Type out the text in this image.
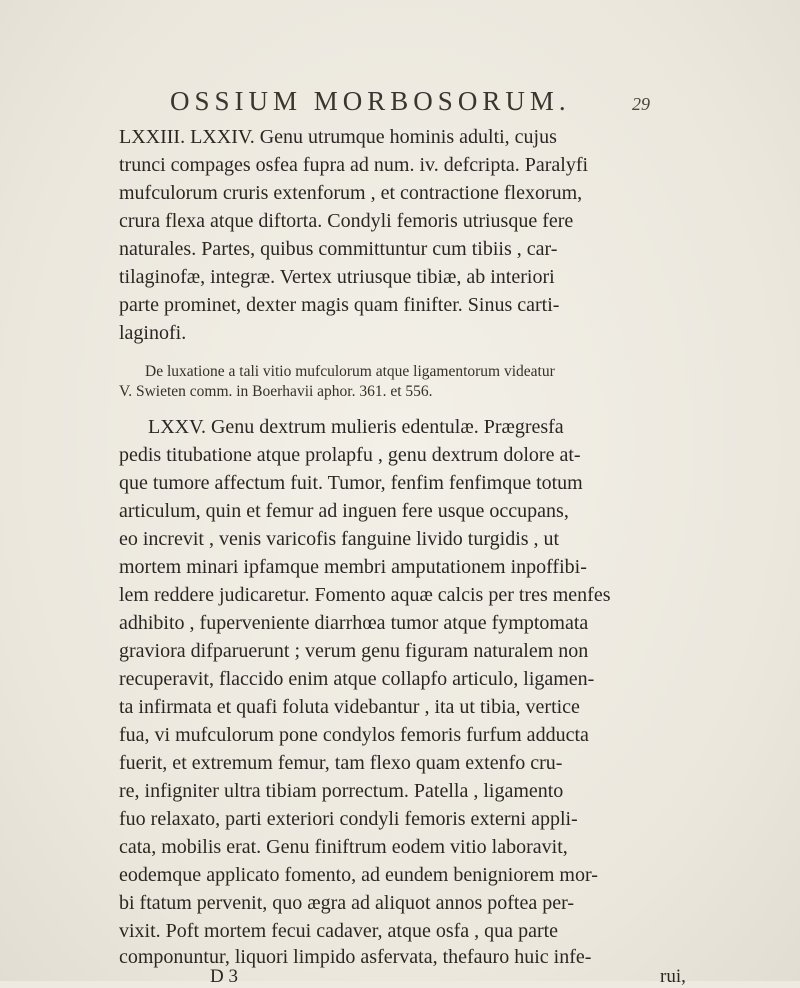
OSSIUM MORBOSORUM.	29
LXXIII. LXXIV. Genu utrumque hominis adulti, cujus
trunci compages osfea fupra ad num. iv. defcripta. Paralyfi
mufculorum cruris extenforum , et contractione flexorum,
crura flexa atque diftorta. Condyli femoris utriusque fere
naturales. Partes, quibus committuntur cum tibiis , car-
tilaginofæ, integræ. Vertex utriusque tibiæ, ab interiori
parte prominet, dexter magis quam finifter. Sinus carti-
laginofi.
De luxatione a tali vitio mufculorum atque ligamentorum videatur
V. Swieten comm. in Boerhavii aphor. 361. et 556.
LXXV. Genu dextrum mulieris edentulæ. Prægresfa
pedis titubatione atque prolapfu , genu dextrum dolore at-
que tumore affectum fuit. Tumor, fenfim fenfimque totum
articulum, quin et femur ad inguen fere usque occupans,
eo increvit , venis varicofis fanguine livido turgidis , ut
mortem minari ipfamque membri amputationem inpoffibi-
lem reddere judicaretur. Fomento aquæ calcis per tres menfes
adhibito , fuperveniente diarrhœa tumor atque fymptomata
graviora difparuerunt ; verum genu figuram naturalem non
recuperavit, flaccido enim atque collapfo articulo, ligamen-
ta infirmata et quafi foluta videbantur , ita ut tibia, vertice
fua, vi mufculorum pone condylos femoris furfum adducta
fuerit, et extremum femur, tam flexo quam extenfo cru-
re, infigniter ultra tibiam porrectum. Patella , ligamento
fuo relaxato, parti exteriori condyli femoris externi appli-
cata, mobilis erat. Genu finiftrum eodem vitio laboravit,
eodemque applicato fomento, ad eundem benigniorem mor-
bi ftatum pervenit, quo ægra ad aliquot annos poftea per-
vixit. Poft mortem fecui cadaver, atque osfa , qua parte
componuntur, liquori limpido asfervata, thefauro huic infe-
D 3	rui,
